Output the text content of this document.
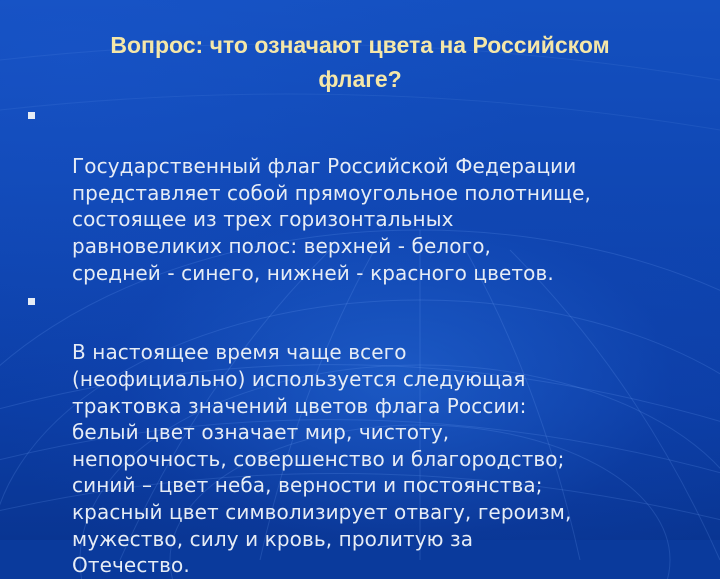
Вопрос: что означают цвета на Российском
флаге?

Государственный флаг Российской Федерации
представляет собой прямоугольное полотнище,
состоящее из трех горизонтальных
равновеликих полос: верхней - белого,
средней - синего, нижней - красного цветов.

В настоящее время чаще всего
(неофициально) используется следующая
трактовка значений цветов флага России:
белый цвет означает мир, чистоту,
непорочность, совершенство и благородство;
синий – цвет неба, верности и постоянства;
красный цвет символизирует отвагу, героизм,
мужество, силу и кровь, пролитую за
Отечество.
